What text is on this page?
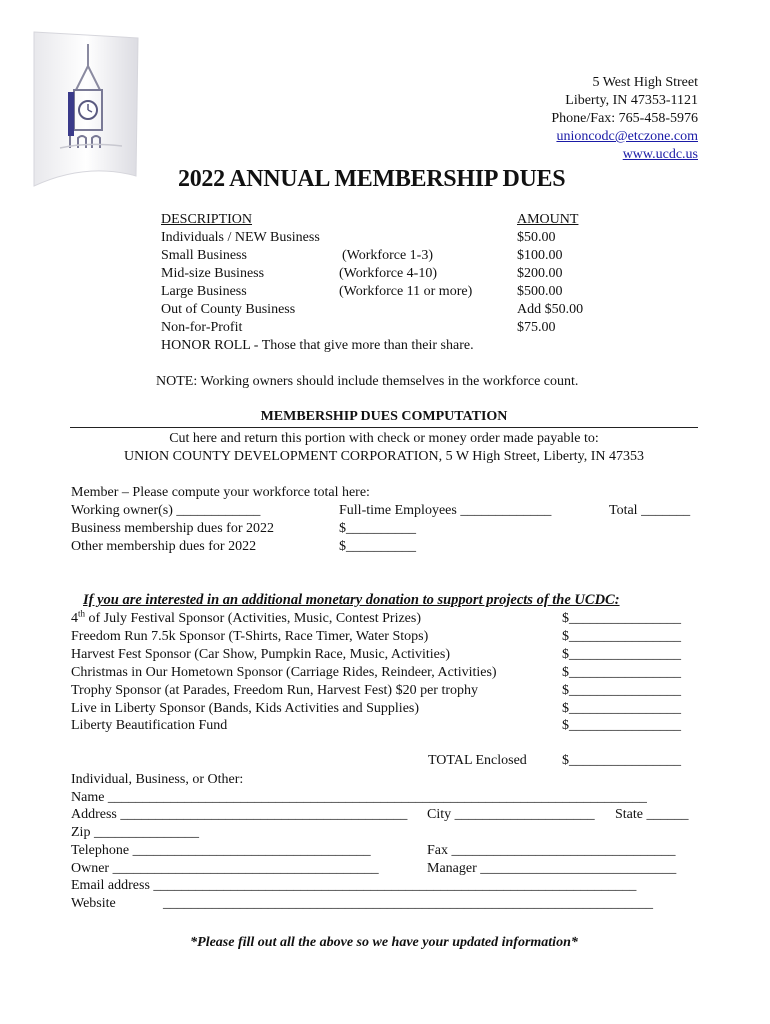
5 West High Street
Liberty, IN 47353-1121
Phone/Fax: 765-458-5976
unioncodc@etczone.com
www.ucdc.us
2022 ANNUAL MEMBERSHIP DUES
DESCRIPTION	AMOUNT
Individuals / NEW Business	$50.00
Small Business	(Workforce 1-3)	$100.00
Mid-size Business	(Workforce 4-10)	$200.00
Large Business	(Workforce 11 or more)	$500.00
Out of County Business	Add $50.00
Non-for-Profit	$75.00
HONOR ROLL - Those that give more than their share.
NOTE: Working owners should include themselves in the workforce count.
MEMBERSHIP DUES COMPUTATION
Cut here and return this portion with check or money order made payable to:
UNION COUNTY DEVELOPMENT CORPORATION, 5 W High Street, Liberty, IN 47353
Member – Please compute your workforce total here:
Working owner(s) ____________	Full-time Employees _____________	Total _______
Business membership dues for 2022	$__________
Other membership dues for 2022	$__________
If you are interested in an additional monetary donation to support projects of the UCDC:
4th of July Festival Sponsor (Activities, Music, Contest Prizes)	$________________
Freedom Run 7.5k Sponsor (T-Shirts, Race Timer, Water Stops)	$________________
Harvest Fest Sponsor (Car Show, Pumpkin Race, Music, Activities)	$________________
Christmas in Our Hometown Sponsor (Carriage Rides, Reindeer, Activities)	$________________
Trophy Sponsor (at Parades, Freedom Run, Harvest Fest) $20 per trophy	$________________
Live in Liberty Sponsor (Bands, Kids Activities and Supplies)	$________________
Liberty Beautification Fund	$________________
TOTAL Enclosed	$________________
Individual, Business, or Other:
Name _____________________________________________________________________________
Address _________________________________________ City ____________________ State ______
Zip _______________
Telephone __________________________________	Fax ________________________________
Owner ______________________________________	Manager ____________________________
Email address _____________________________________________________________________
Website	______________________________________________________________________
*Please fill out all the above so we have your updated information*
